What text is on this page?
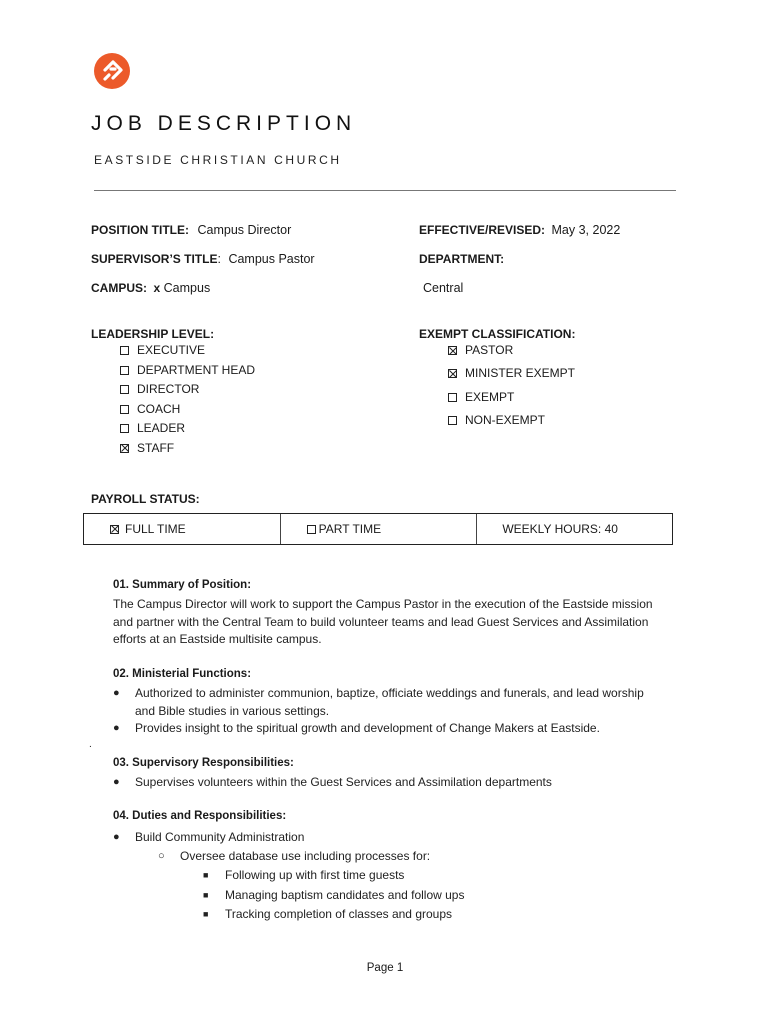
JOB DESCRIPTION
EASTSIDE CHRISTIAN CHURCH
POSITION TITLE: Campus Director	EFFECTIVE/REVISED: May 3, 2022
SUPERVISOR’S TITLE: Campus Pastor	DEPARTMENT:
CAMPUS: x Campus	Central
LEADERSHIP LEVEL:
EXECUTIVE
DEPARTMENT HEAD
DIRECTOR
COACH
LEADER
STAFF
EXEMPT CLASSIFICATION:
PASTOR
MINISTER EXEMPT
EXEMPT
NON-EXEMPT
PAYROLL STATUS:
FULL TIME	PART TIME	WEEKLY HOURS: 40
01. Summary of Position:
The Campus Director will work to support the Campus Pastor in the execution of the Eastside mission
and partner with the Central Team to build volunteer teams and lead Guest Services and Assimilation
efforts at an Eastside multisite campus.
02. Ministerial Functions:
●	Authorized to administer communion, baptize, officiate weddings and funerals, and lead worship
and Bible studies in various settings.
●	Provides insight to the spiritual growth and development of Change Makers at Eastside.
.
03. Supervisory Responsibilities:
●	Supervises volunteers within the Guest Services and Assimilation departments
04. Duties and Responsibilities:
●	Build Community Administration
○	Oversee database use including processes for:
■	Following up with first time guests
■	Managing baptism candidates and follow ups
■	Tracking completion of classes and groups
Page 1
